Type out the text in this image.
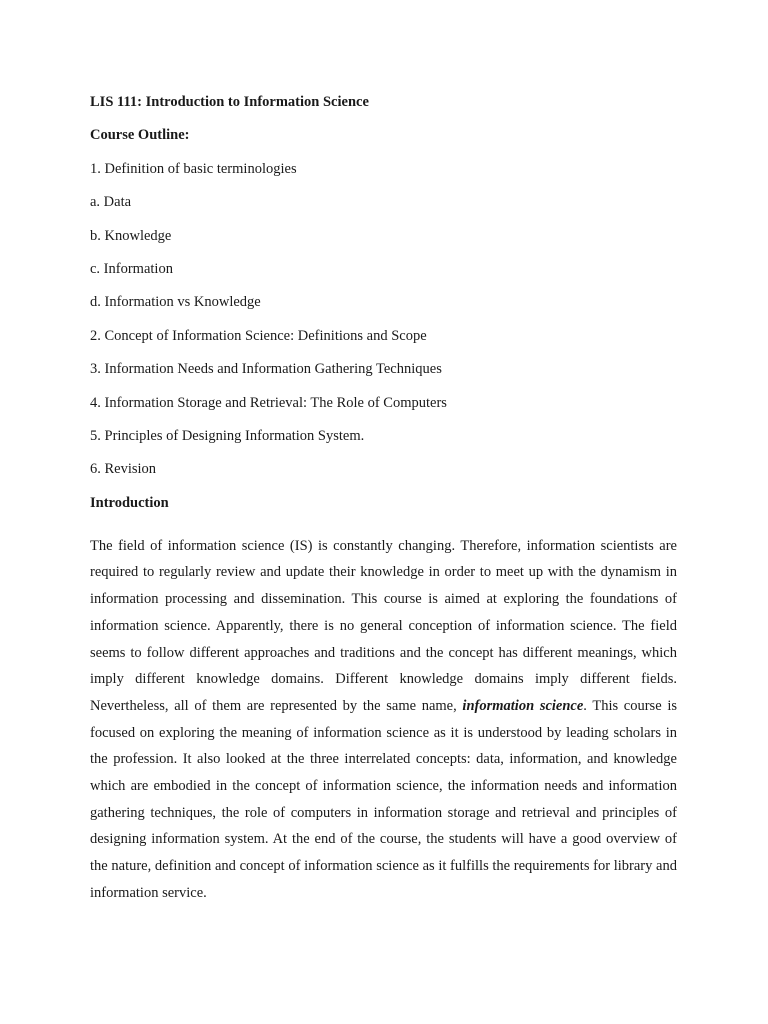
LIS 111: Introduction to Information Science

Course Outline:

1. Definition of basic terminologies

a. Data

b. Knowledge

c. Information

d. Information vs Knowledge

2. Concept of Information Science: Definitions and Scope

3. Information Needs and Information Gathering Techniques

4. Information Storage and Retrieval: The Role of Computers

5. Principles of Designing Information System.

6. Revision

Introduction

The field of information science (IS) is constantly changing. Therefore, information scientists are required to regularly review and update their knowledge in order to meet up with the dynamism in information processing and dissemination. This course is aimed at exploring the foundations of information science. Apparently, there is no general conception of information science. The field seems to follow different approaches and traditions and the concept has different meanings, which imply different knowledge domains. Different knowledge domains imply different fields. Nevertheless, all of them are represented by the same name, information science. This course is focused on exploring the meaning of information science as it is understood by leading scholars in the profession. It also looked at the three interrelated concepts: data, information, and knowledge which are embodied in the concept of information science, the information needs and information gathering techniques, the role of computers in information storage and retrieval and principles of designing information system. At the end of the course, the students will have a good overview of the nature, definition and concept of information science as it fulfills the requirements for library and information service.
